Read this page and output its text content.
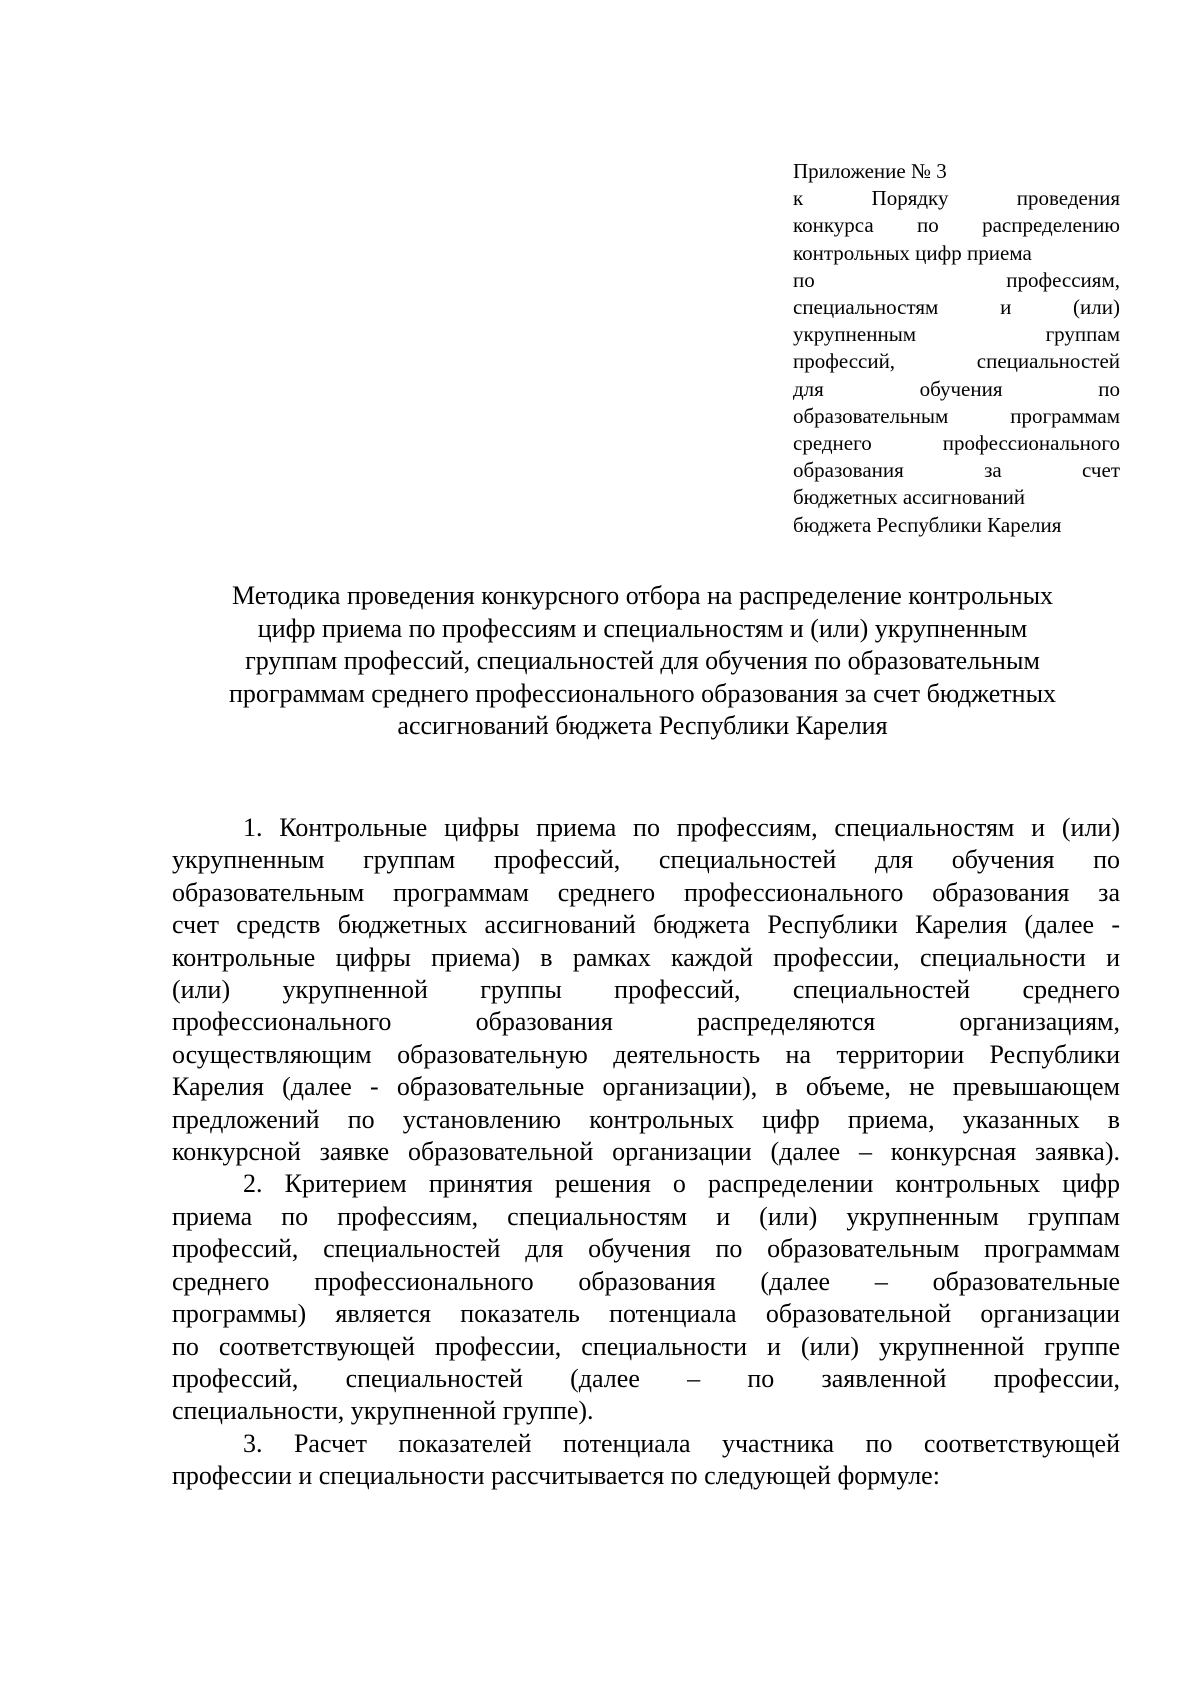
Приложение № 3
к Порядку проведения
конкурса по распределению
контрольных цифр приема
по профессиям,
специальностям и (или)
укрупненным группам
профессий, специальностей
для обучения по
образовательным программам
среднего профессионального
образования за счет
бюджетных ассигнований
бюджета Республики Карелия
Методика проведения конкурсного отбора на распределение контрольных
цифр приема по профессиям и специальностям и (или) укрупненным
группам профессий, специальностей для обучения по образовательным
программам среднего профессионального образования за счет бюджетных
ассигнований бюджета Республики Карелия
1. Контрольные цифры приема по профессиям, специальностям и (или)
укрупненным группам профессий, специальностей для обучения по
образовательным программам среднего профессионального образования за
счет средств бюджетных ассигнований бюджета Республики Карелия (далее -
контрольные цифры приема) в рамках каждой профессии, специальности и
(или) укрупненной группы профессий, специальностей среднего
профессионального образования распределяются организациям,
осуществляющим образовательную деятельность на территории Республики
Карелия (далее - образовательные организации), в объеме, не превышающем
предложений по установлению контрольных цифр приема, указанных в
конкурсной заявке образовательной организации (далее – конкурсная заявка).
2. Критерием принятия решения о распределении контрольных цифр
приема по профессиям, специальностям и (или) укрупненным группам
профессий, специальностей для обучения по образовательным программам
среднего профессионального образования (далее – образовательные
программы) является показатель потенциала образовательной организации
по соответствующей профессии, специальности и (или) укрупненной группе
профессий, специальностей (далее – по заявленной профессии,
специальности, укрупненной группе).
3. Расчет показателей потенциала участника по соответствующей
профессии и специальности рассчитывается по следующей формуле:
